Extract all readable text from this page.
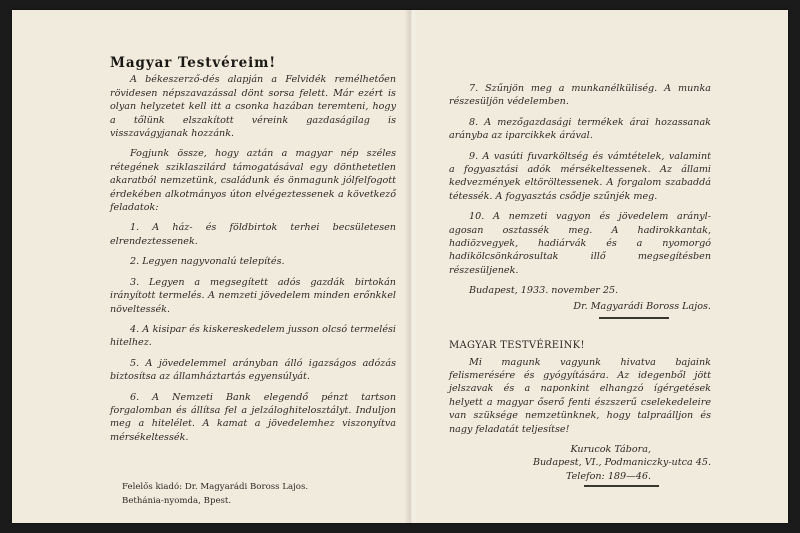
Magyar Testvéreim!

A békeszerző-dés alapján a Felvidék remélhetően rövidesen népszavazással dönt sorsa felett. Már ezért is olyan helyzetet kell itt a csonka hazában teremteni, hogy a tőlünk elszakított véreink gazdaságilag is visszavágyjanak hozzánk.

Fogjunk össze, hogy aztán a magyar nép széles rétegének sziklaszilárd támogatásával egy dönthetetlen akaratból nemzetünk, családunk és önmagunk jólfelfogott érdekében alkotmányos úton elvégeztessenek a következő feladatok:

1. A ház- és földbirtok terhei becsületesen elrendeztessenek.

2. Legyen nagyvonalú telepítés.

3. Legyen a megsegített adós gazdák birtokán irányított termelés. A nemzeti jövedelem minden erőnkkel növeltessék.

4. A kisipar és kiskereskedelem jusson olcsó termelési hitelhez.

5. A jövedelemmel arányban álló igazságos adózás biztosítsa az államháztartás egyensúlyát.

6. A Nemzeti Bank elegendő pénzt tartson forgalomban és állítsa fel a jelzáloghitelosztályt. Induljon meg a hitelélet. A kamat a jövedelemhez viszonyítva mérsékeltessék.

7. Szűnjön meg a munkanélküliség. A munka részesüljön védelemben.

8. A mezőgazdasági termékek árai hozassanak arányba az iparcikkek árával.

9. A vasúti fuvarköltség és vámtételek, valamint a fogyasztási adók mérsékeltessenek. Az állami kedvezmények eltöröltessenek. A forgalom szabaddá tétessék. A fogyasztás csődje szűnjék meg.

10. A nemzeti vagyon és jövedelem arányl-agosan osztassék meg. A hadirokkantak, hadiözvegyek, hadiárvák és a nyomorgó hadikölcsönkárosultak illő megsegítésben részesüljenek.

Budapest, 1933. november 25.

Dr. Magyarádi Boross Lajos.

MAGYAR TESTVÉREINK!

Mi magunk vagyunk hivatva bajaink felismerésére és gyógyítására. Az idegenből jött jelszavak és a naponkint elhangzó ígérgetések helyett a magyar őserő fenti észszerű cselekedeleire van szüksége nemzetünknek, hogy talpraálljon és nagy feladatát teljesítse!

Kurucok Tábora,

Budapest, VI., Podmaniczky-utca 45.

Telefon: 189—46.

Felelős kiadó: Dr. Magyarádi Boross Lajos.
Bethánia-nyomda, Bpest.
